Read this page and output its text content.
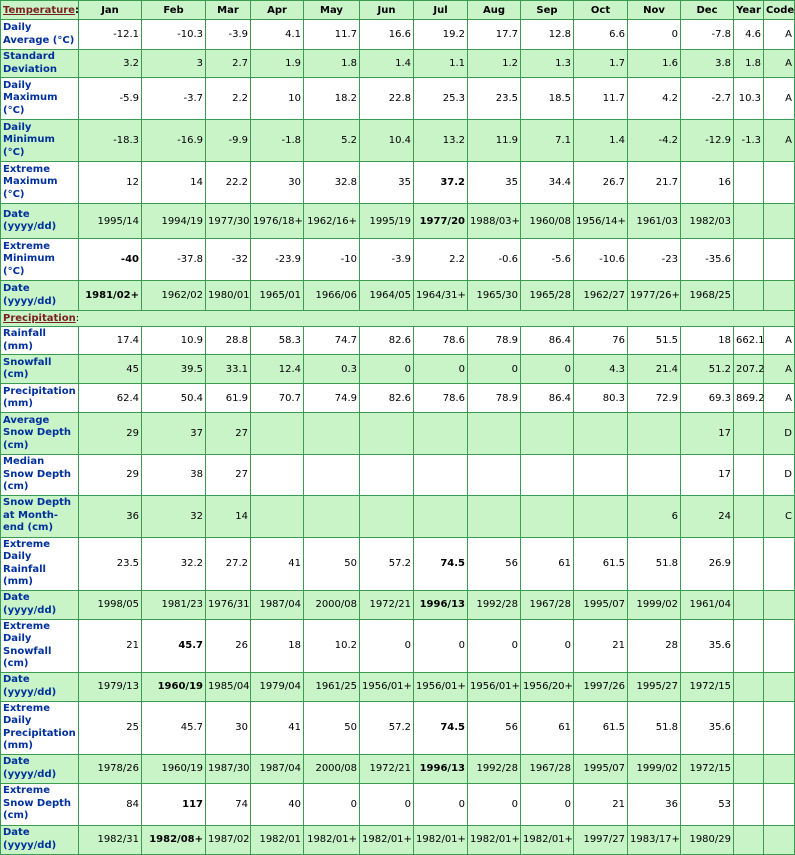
Temperature:	Jan	Feb	Mar	Apr	May	Jun	Jul	Aug	Sep	Oct	Nov	Dec	Year	Code
Daily Average (°C)	-12.1	-10.3	-3.9	4.1	11.7	16.6	19.2	17.7	12.8	6.6	0	-7.8	4.6	A
Standard Deviation	3.2	3	2.7	1.9	1.8	1.4	1.1	1.2	1.3	1.7	1.6	3.8	1.8	A
Daily Maximum (°C)	-5.9	-3.7	2.2	10	18.2	22.8	25.3	23.5	18.5	11.7	4.2	-2.7	10.3	A
Daily Minimum (°C)	-18.3	-16.9	-9.9	-1.8	5.2	10.4	13.2	11.9	7.1	1.4	-4.2	-12.9	-1.3	A
Extreme Maximum (°C)	12	14	22.2	30	32.8	35	37.2	35	34.4	26.7	21.7	16		
Date (yyyy/dd)	1995/14	1994/19	1977/30	1976/18+	1962/16+	1995/19	1977/20	1988/03+	1960/08	1956/14+	1961/03	1982/03		
Extreme Minimum (°C)	-40	-37.8	-32	-23.9	-10	-3.9	2.2	-0.6	-5.6	-10.6	-23	-35.6		
Date (yyyy/dd)	1981/02+	1962/02	1980/01	1965/01	1966/06	1964/05	1964/31+	1965/30	1965/28	1962/27	1977/26+	1968/25		
Precipitation:														
Rainfall (mm)	17.4	10.9	28.8	58.3	74.7	82.6	78.6	78.9	86.4	76	51.5	18	662.1	A
Snowfall (cm)	45	39.5	33.1	12.4	0.3	0	0	0	0	4.3	21.4	51.2	207.2	A
Precipitation (mm)	62.4	50.4	61.9	70.7	74.9	82.6	78.6	78.9	86.4	80.3	72.9	69.3	869.2	A
Average Snow Depth (cm)	29	37	27									17		D
Median Snow Depth (cm)	29	38	27									17		D
Snow Depth at Month-end (cm)	36	32	14								6	24		C
Extreme Daily Rainfall (mm)	23.5	32.2	27.2	41	50	57.2	74.5	56	61	61.5	51.8	26.9		
Date (yyyy/dd)	1998/05	1981/23	1976/31	1987/04	2000/08	1972/21	1996/13	1992/28	1967/28	1995/07	1999/02	1961/04		
Extreme Daily Snowfall (cm)	21	45.7	26	18	10.2	0	0	0	0	21	28	35.6		
Date (yyyy/dd)	1979/13	1960/19	1985/04	1979/04	1961/25	1956/01+	1956/01+	1956/01+	1956/20+	1997/26	1995/27	1972/15		
Extreme Daily Precipitation (mm)	25	45.7	30	41	50	57.2	74.5	56	61	61.5	51.8	35.6		
Date (yyyy/dd)	1978/26	1960/19	1987/30	1987/04	2000/08	1972/21	1996/13	1992/28	1967/28	1995/07	1999/02	1972/15		
Extreme Snow Depth (cm)	84	117	74	40	0	0	0	0	0	21	36	53		
Date (yyyy/dd)	1982/31	1982/08+	1987/02	1982/01	1982/01+	1982/01+	1982/01+	1982/01+	1982/01+	1997/27	1983/17+	1980/29		
